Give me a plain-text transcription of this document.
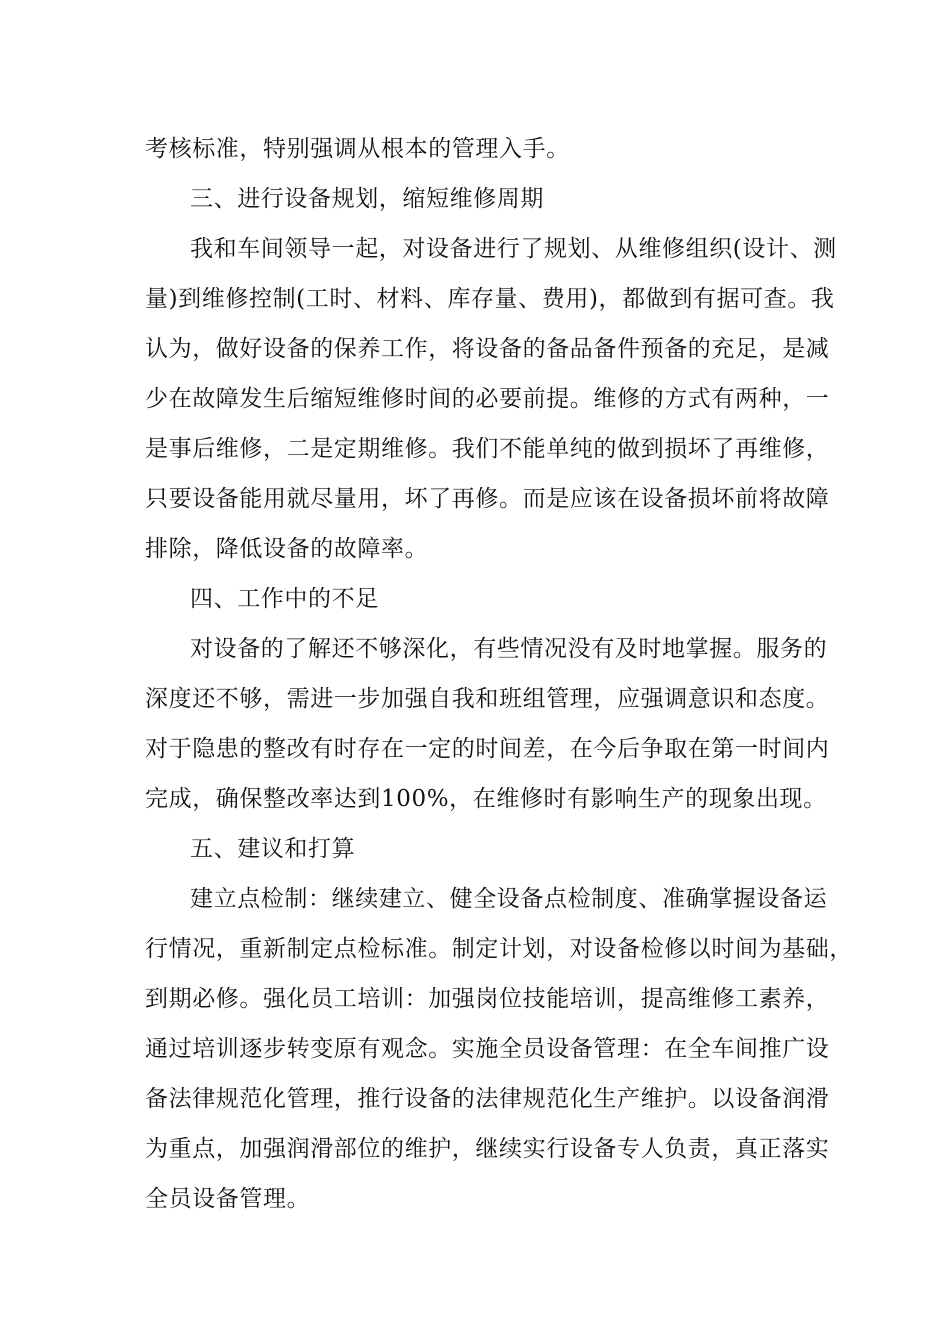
考核标准，特别强调从根本的管理入手。
三、进行设备规划，缩短维修周期
我和车间领导一起，对设备进行了规划、从维修组织(设计、测
量)到维修控制(工时、材料、库存量、费用)，都做到有据可查。我
认为，做好设备的保养工作，将设备的备品备件预备的充足，是减
少在故障发生后缩短维修时间的必要前提。维修的方式有两种，一
是事后维修，二是定期维修。我们不能单纯的做到损坏了再维修，
只要设备能用就尽量用，坏了再修。而是应该在设备损坏前将故障
排除，降低设备的故障率。
四、工作中的不足
对设备的了解还不够深化，有些情况没有及时地掌握。服务的
深度还不够，需进一步加强自我和班组管理，应强调意识和态度。
对于隐患的整改有时存在一定的时间差，在今后争取在第一时间内
完成，确保整改率达到100%，在维修时有影响生产的现象出现。
五、建议和打算
建立点检制：继续建立、健全设备点检制度、准确掌握设备运
行情况，重新制定点检标准。制定计划，对设备检修以时间为基础，
到期必修。强化员工培训：加强岗位技能培训，提高维修工素养，
通过培训逐步转变原有观念。实施全员设备管理：在全车间推广设
备法律规范化管理，推行设备的法律规范化生产维护。以设备润滑
为重点，加强润滑部位的维护，继续实行设备专人负责，真正落实
全员设备管理。
